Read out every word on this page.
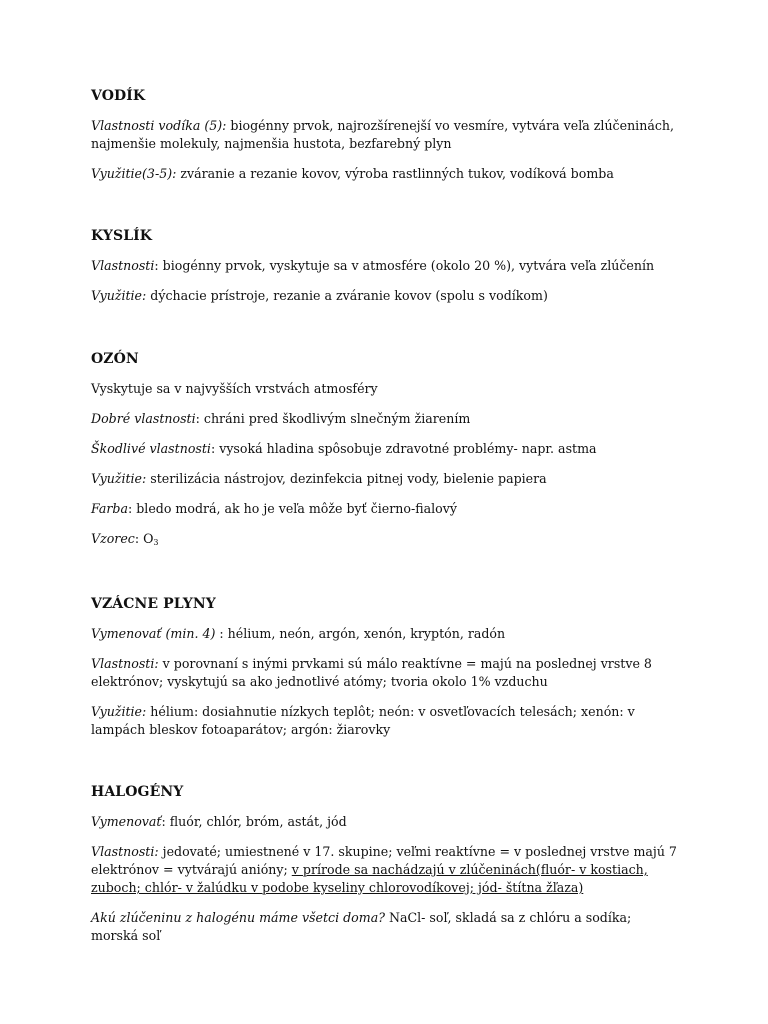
VODÍK

Vlastnosti vodíka (5): biogénny prvok, najrozšírenejší vo vesmíre, vytvára veľa zlúčeninách, najmenšie molekuly, najmenšia hustota, bezfarebný plyn

Využitie(3-5): zváranie a rezanie kovov, výroba rastlinných tukov, vodíková bomba

KYSLÍK

Vlastnosti: biogénny prvok, vyskytuje sa v atmosfére (okolo 20 %), vytvára veľa zlúčenín

Využitie: dýchacie prístroje, rezanie a zváranie kovov (spolu s vodíkom)

OZÓN

Vyskytuje sa v najvyšších vrstvách atmosféry

Dobré vlastnosti: chráni pred škodlivým slnečným žiarením

Škodlivé vlastnosti: vysoká hladina spôsobuje zdravotné problémy- napr. astma

Využitie: sterilizácia nástrojov, dezinfekcia pitnej vody, bielenie papiera

Farba: bledo modrá, ak ho je veľa môže byť čierno-fialový

Vzorec: $O_3$

VZÁCNE PLYNY

Vymenovať (min. 4) : hélium, neón, argón, xenón, kryptón, radón

Vlastnosti: v porovnaní s inými prvkami sú málo reaktívne = majú na poslednej vrstve 8 elektrónov; vyskytujú sa ako jednotlivé atómy; tvoria okolo 1% vzduchu

Využitie: hélium: dosiahnutie nízkych teplôt; neón: v osvetľovacích telesách; xenón: v lampách bleskov fotoaparátov; argón: žiarovky

HALOGÉNY

Vymenovať: fluór, chlór, bróm, astát, jód

Vlastnosti: jedovaté; umiestnené v 17. skupine; veľmi reaktívne = v poslednej vrstve majú 7 elektrónov = vytvárajú anióny; v prírode sa nachádzajú v zlúčeninách(fluór- v kostiach, zuboch; chlór- v žalúdku v podobe kyseliny chlorovodíkovej; jód- štítna žľaza)

Akú zlúčeninu z halogénu máme všetci doma? NaCl- soľ, skladá sa z chlóru a sodíka; morská soľ
